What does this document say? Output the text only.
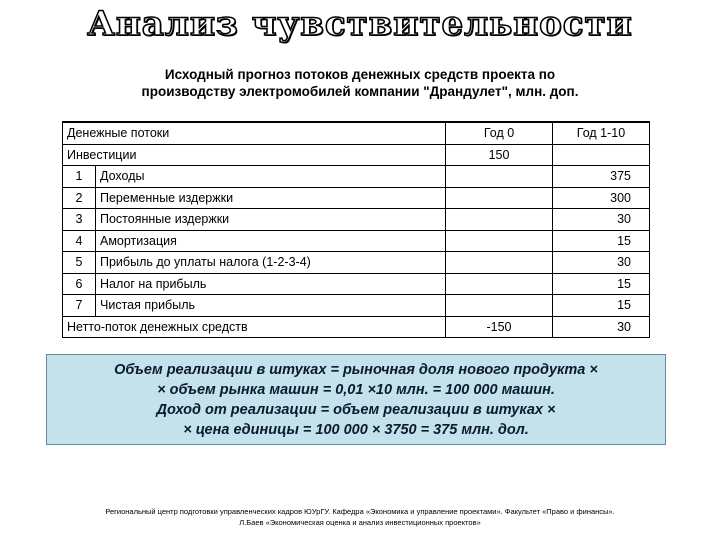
Анализ чувствительности
Исходный прогноз потоков денежных средств проекта по
производству электромобилей компании "Драндулет", млн. доп.
Денежные потоки		Год 0	Год 1-10
Инвестиции		150	
1	Доходы		375
2	Переменные издержки		300
3	Постоянные издержки		30
4	Амортизация		15
5	Прибыль до уплаты налога (1-2-3-4)		30
6	Налог на прибыль		15
7	Чистая прибыль		15
Нетто-поток денежных средств		-150	30
Объем реализации в штуках = рыночная доля нового продукта ×
× объем рынка машин = 0,01 ×10 млн. = 100 000 машин.
Доход от реализации = объем реализации в штуках ×
× цена единицы = 100 000 × 3750 = 375 млн. дол.
Региональный центр подготовки управленческих кадров ЮУрГУ. Кафедра «Экономика и управление проектами». Факультет «Право и финансы».
Л.Баев «Экономическая оценка и анализ инвестиционных проектов»
